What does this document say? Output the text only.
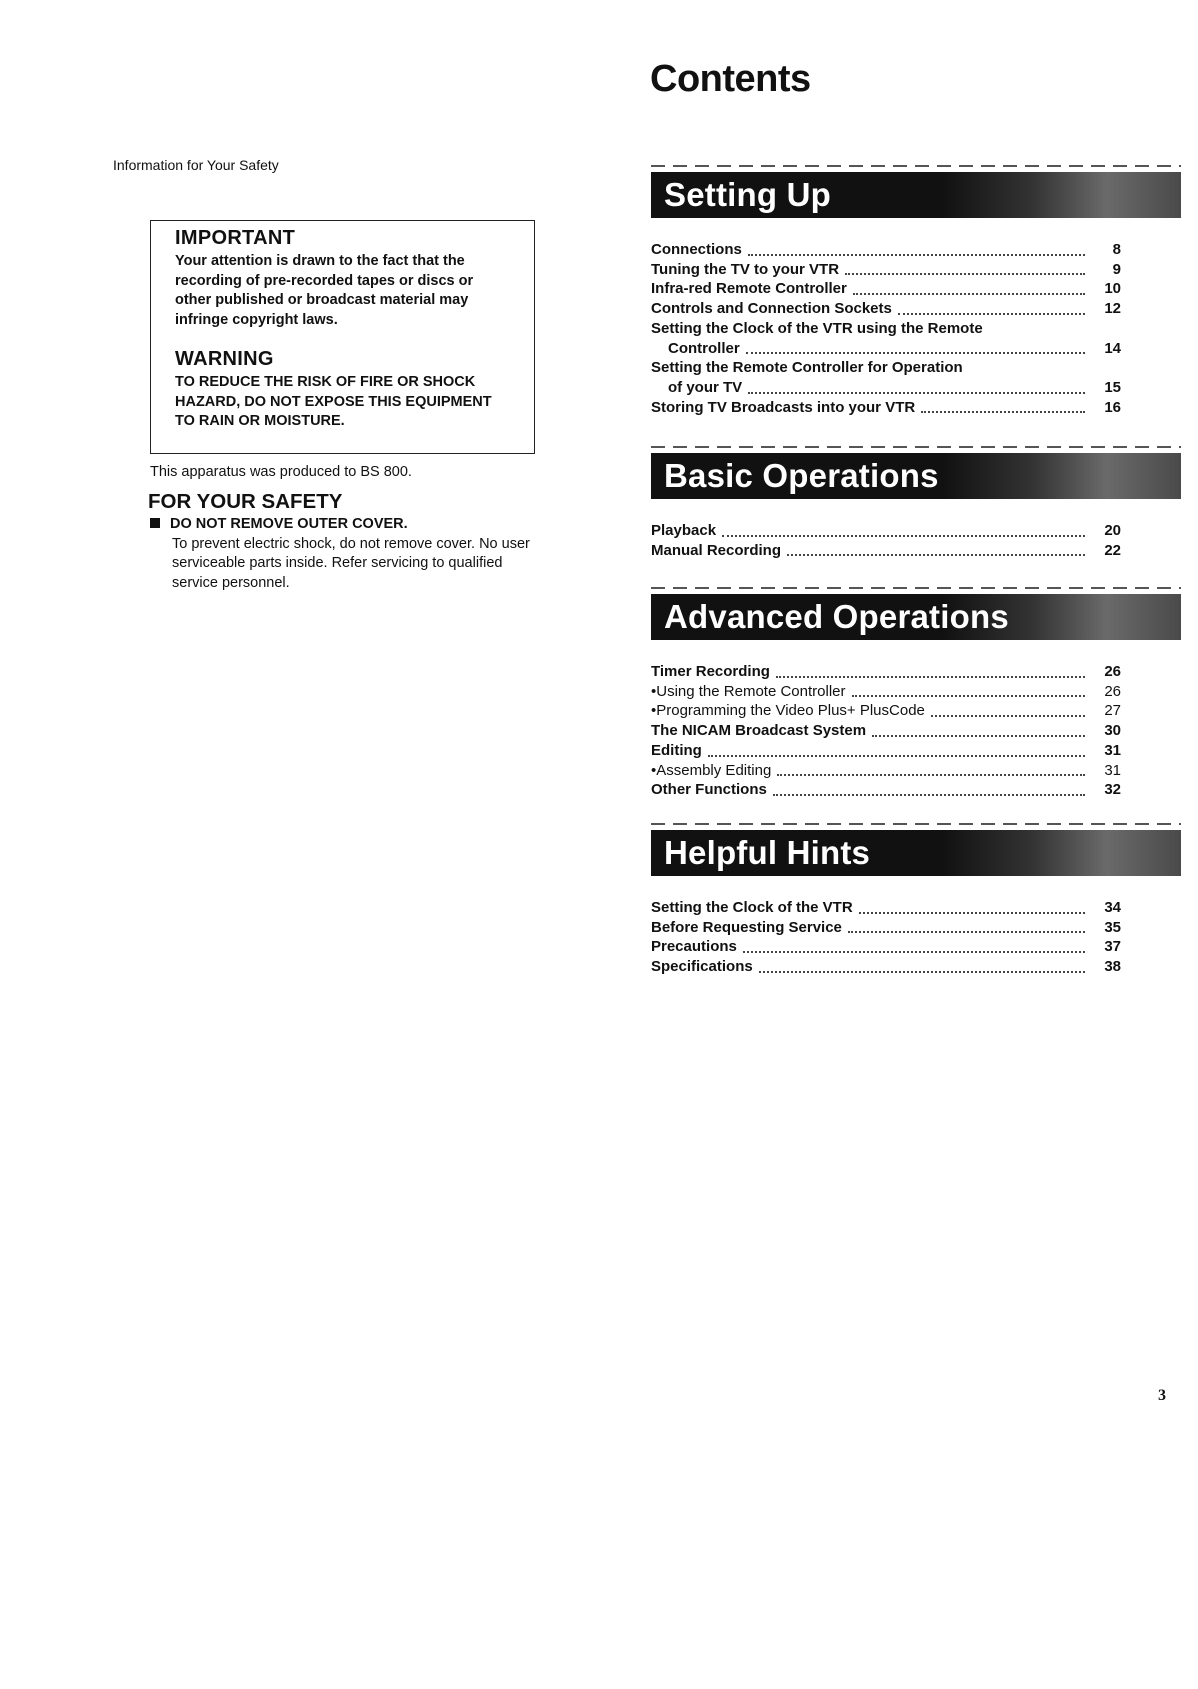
Contents
Information for Your Safety
IMPORTANT

Your attention is drawn to the fact that the recording of pre-recorded tapes or discs or other published or broadcast material may infringe copyright laws.

WARNING

TO REDUCE THE RISK OF FIRE OR SHOCK HAZARD, DO NOT EXPOSE THIS EQUIPMENT TO RAIN OR MOISTURE.

This apparatus was produced to BS 800.
FOR YOUR SAFETY
DO NOT REMOVE OUTER COVER.
To prevent electric shock, do not remove cover. No user serviceable parts inside. Refer servicing to qualified service personnel.
Setting Up
Connections	8
Tuning the TV to your VTR	9
Infra-red Remote Controller	10
Controls and Connection Sockets	12
Setting the Clock of the VTR using the Remote
Controller	14
Setting the Remote Controller for Operation
of your TV	15
Storing TV Broadcasts into your VTR	16
Basic Operations
Playback	20
Manual Recording	22
Advanced Operations
Timer Recording	26
•Using the Remote Controller	26
•Programming the Video Plus+ PlusCode	27
The NICAM Broadcast System	30
Editing	31
•Assembly Editing	31
Other Functions	32
Helpful Hints
Setting the Clock of the VTR	34
Before Requesting Service	35
Precautions	37
Specifications	38
3
